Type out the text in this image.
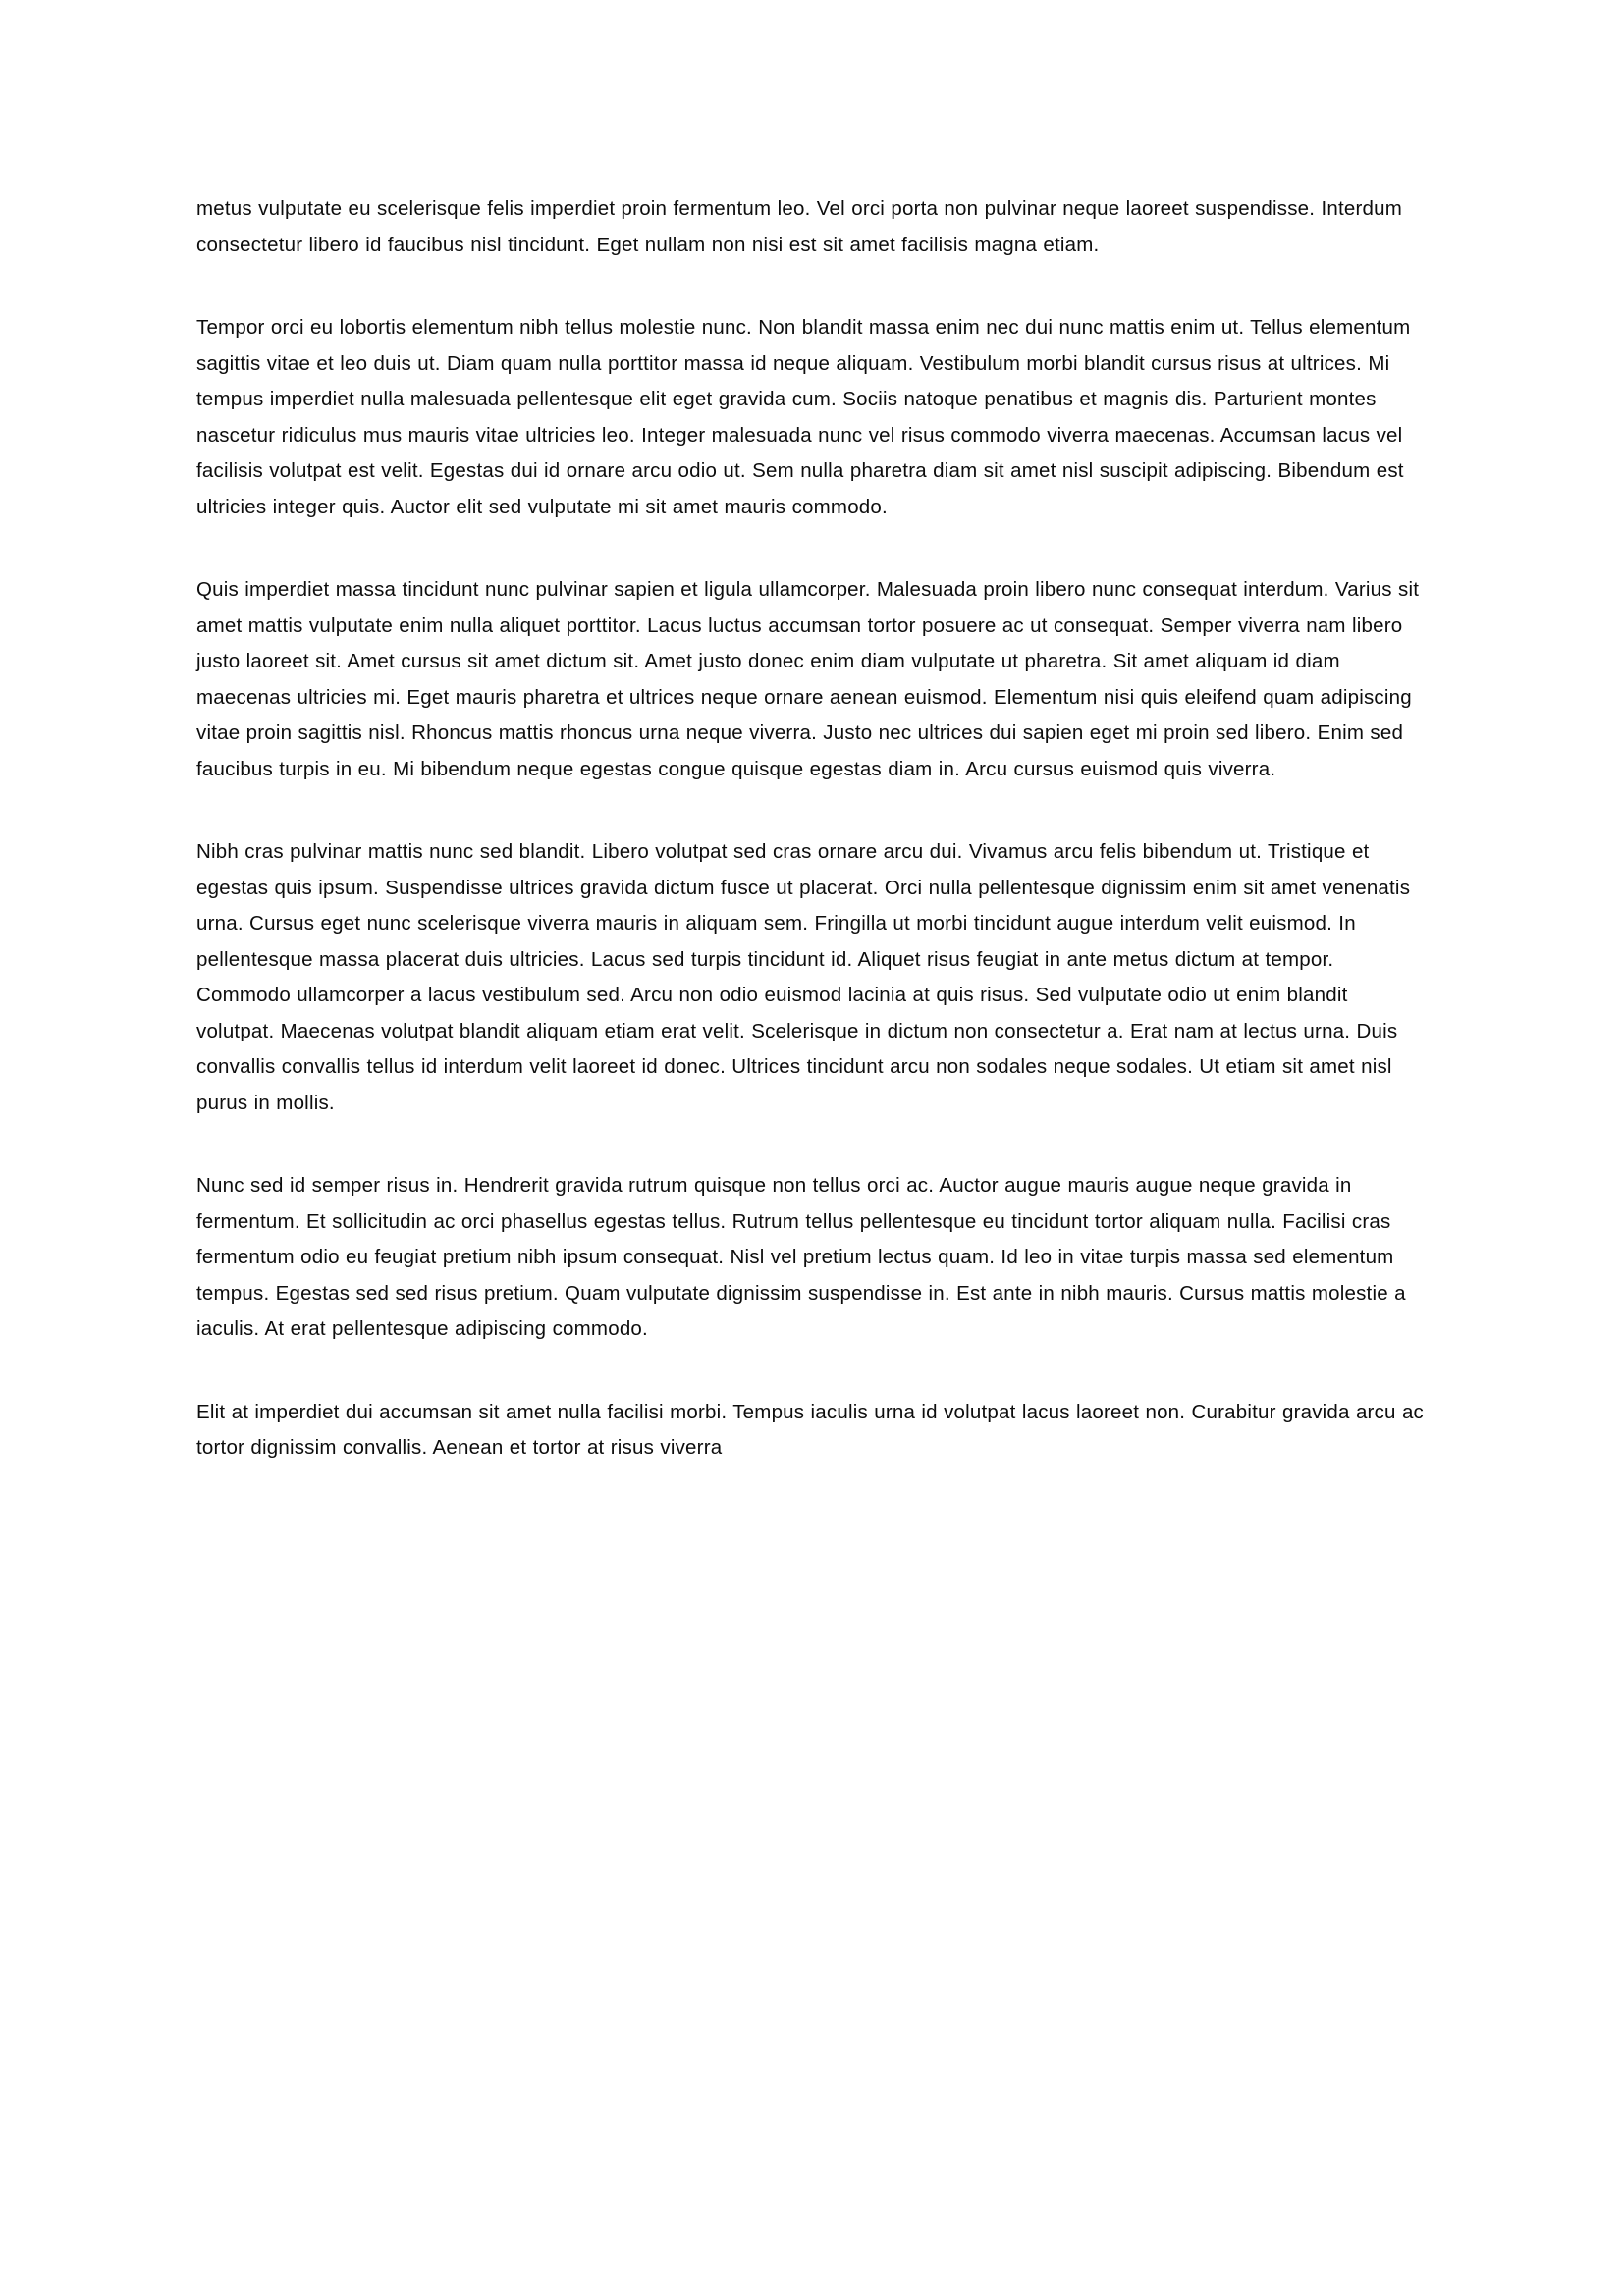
metus vulputate eu scelerisque felis imperdiet proin fermentum leo. Vel orci porta non pulvinar neque laoreet suspendisse. Interdum consectetur libero id faucibus nisl tincidunt. Eget nullam non nisi est sit amet facilisis magna etiam.

Tempor orci eu lobortis elementum nibh tellus molestie nunc. Non blandit massa enim nec dui nunc mattis enim ut. Tellus elementum sagittis vitae et leo duis ut. Diam quam nulla porttitor massa id neque aliquam. Vestibulum morbi blandit cursus risus at ultrices. Mi tempus imperdiet nulla malesuada pellentesque elit eget gravida cum. Sociis natoque penatibus et magnis dis. Parturient montes nascetur ridiculus mus mauris vitae ultricies leo. Integer malesuada nunc vel risus commodo viverra maecenas. Accumsan lacus vel facilisis volutpat est velit. Egestas dui id ornare arcu odio ut. Sem nulla pharetra diam sit amet nisl suscipit adipiscing. Bibendum est ultricies integer quis. Auctor elit sed vulputate mi sit amet mauris commodo.

Quis imperdiet massa tincidunt nunc pulvinar sapien et ligula ullamcorper. Malesuada proin libero nunc consequat interdum. Varius sit amet mattis vulputate enim nulla aliquet porttitor. Lacus luctus accumsan tortor posuere ac ut consequat. Semper viverra nam libero justo laoreet sit. Amet cursus sit amet dictum sit. Amet justo donec enim diam vulputate ut pharetra. Sit amet aliquam id diam maecenas ultricies mi. Eget mauris pharetra et ultrices neque ornare aenean euismod. Elementum nisi quis eleifend quam adipiscing vitae proin sagittis nisl. Rhoncus mattis rhoncus urna neque viverra. Justo nec ultrices dui sapien eget mi proin sed libero. Enim sed faucibus turpis in eu. Mi bibendum neque egestas congue quisque egestas diam in. Arcu cursus euismod quis viverra.

Nibh cras pulvinar mattis nunc sed blandit. Libero volutpat sed cras ornare arcu dui. Vivamus arcu felis bibendum ut. Tristique et egestas quis ipsum. Suspendisse ultrices gravida dictum fusce ut placerat. Orci nulla pellentesque dignissim enim sit amet venenatis urna. Cursus eget nunc scelerisque viverra mauris in aliquam sem. Fringilla ut morbi tincidunt augue interdum velit euismod. In pellentesque massa placerat duis ultricies. Lacus sed turpis tincidunt id. Aliquet risus feugiat in ante metus dictum at tempor. Commodo ullamcorper a lacus vestibulum sed. Arcu non odio euismod lacinia at quis risus. Sed vulputate odio ut enim blandit volutpat. Maecenas volutpat blandit aliquam etiam erat velit. Scelerisque in dictum non consectetur a. Erat nam at lectus urna. Duis convallis convallis tellus id interdum velit laoreet id donec. Ultrices tincidunt arcu non sodales neque sodales. Ut etiam sit amet nisl purus in mollis.

Nunc sed id semper risus in. Hendrerit gravida rutrum quisque non tellus orci ac. Auctor augue mauris augue neque gravida in fermentum. Et sollicitudin ac orci phasellus egestas tellus. Rutrum tellus pellentesque eu tincidunt tortor aliquam nulla. Facilisi cras fermentum odio eu feugiat pretium nibh ipsum consequat. Nisl vel pretium lectus quam. Id leo in vitae turpis massa sed elementum tempus. Egestas sed sed risus pretium. Quam vulputate dignissim suspendisse in. Est ante in nibh mauris. Cursus mattis molestie a iaculis. At erat pellentesque adipiscing commodo.

Elit at imperdiet dui accumsan sit amet nulla facilisi morbi. Tempus iaculis urna id volutpat lacus laoreet non. Curabitur gravida arcu ac tortor dignissim convallis. Aenean et tortor at risus viverra
